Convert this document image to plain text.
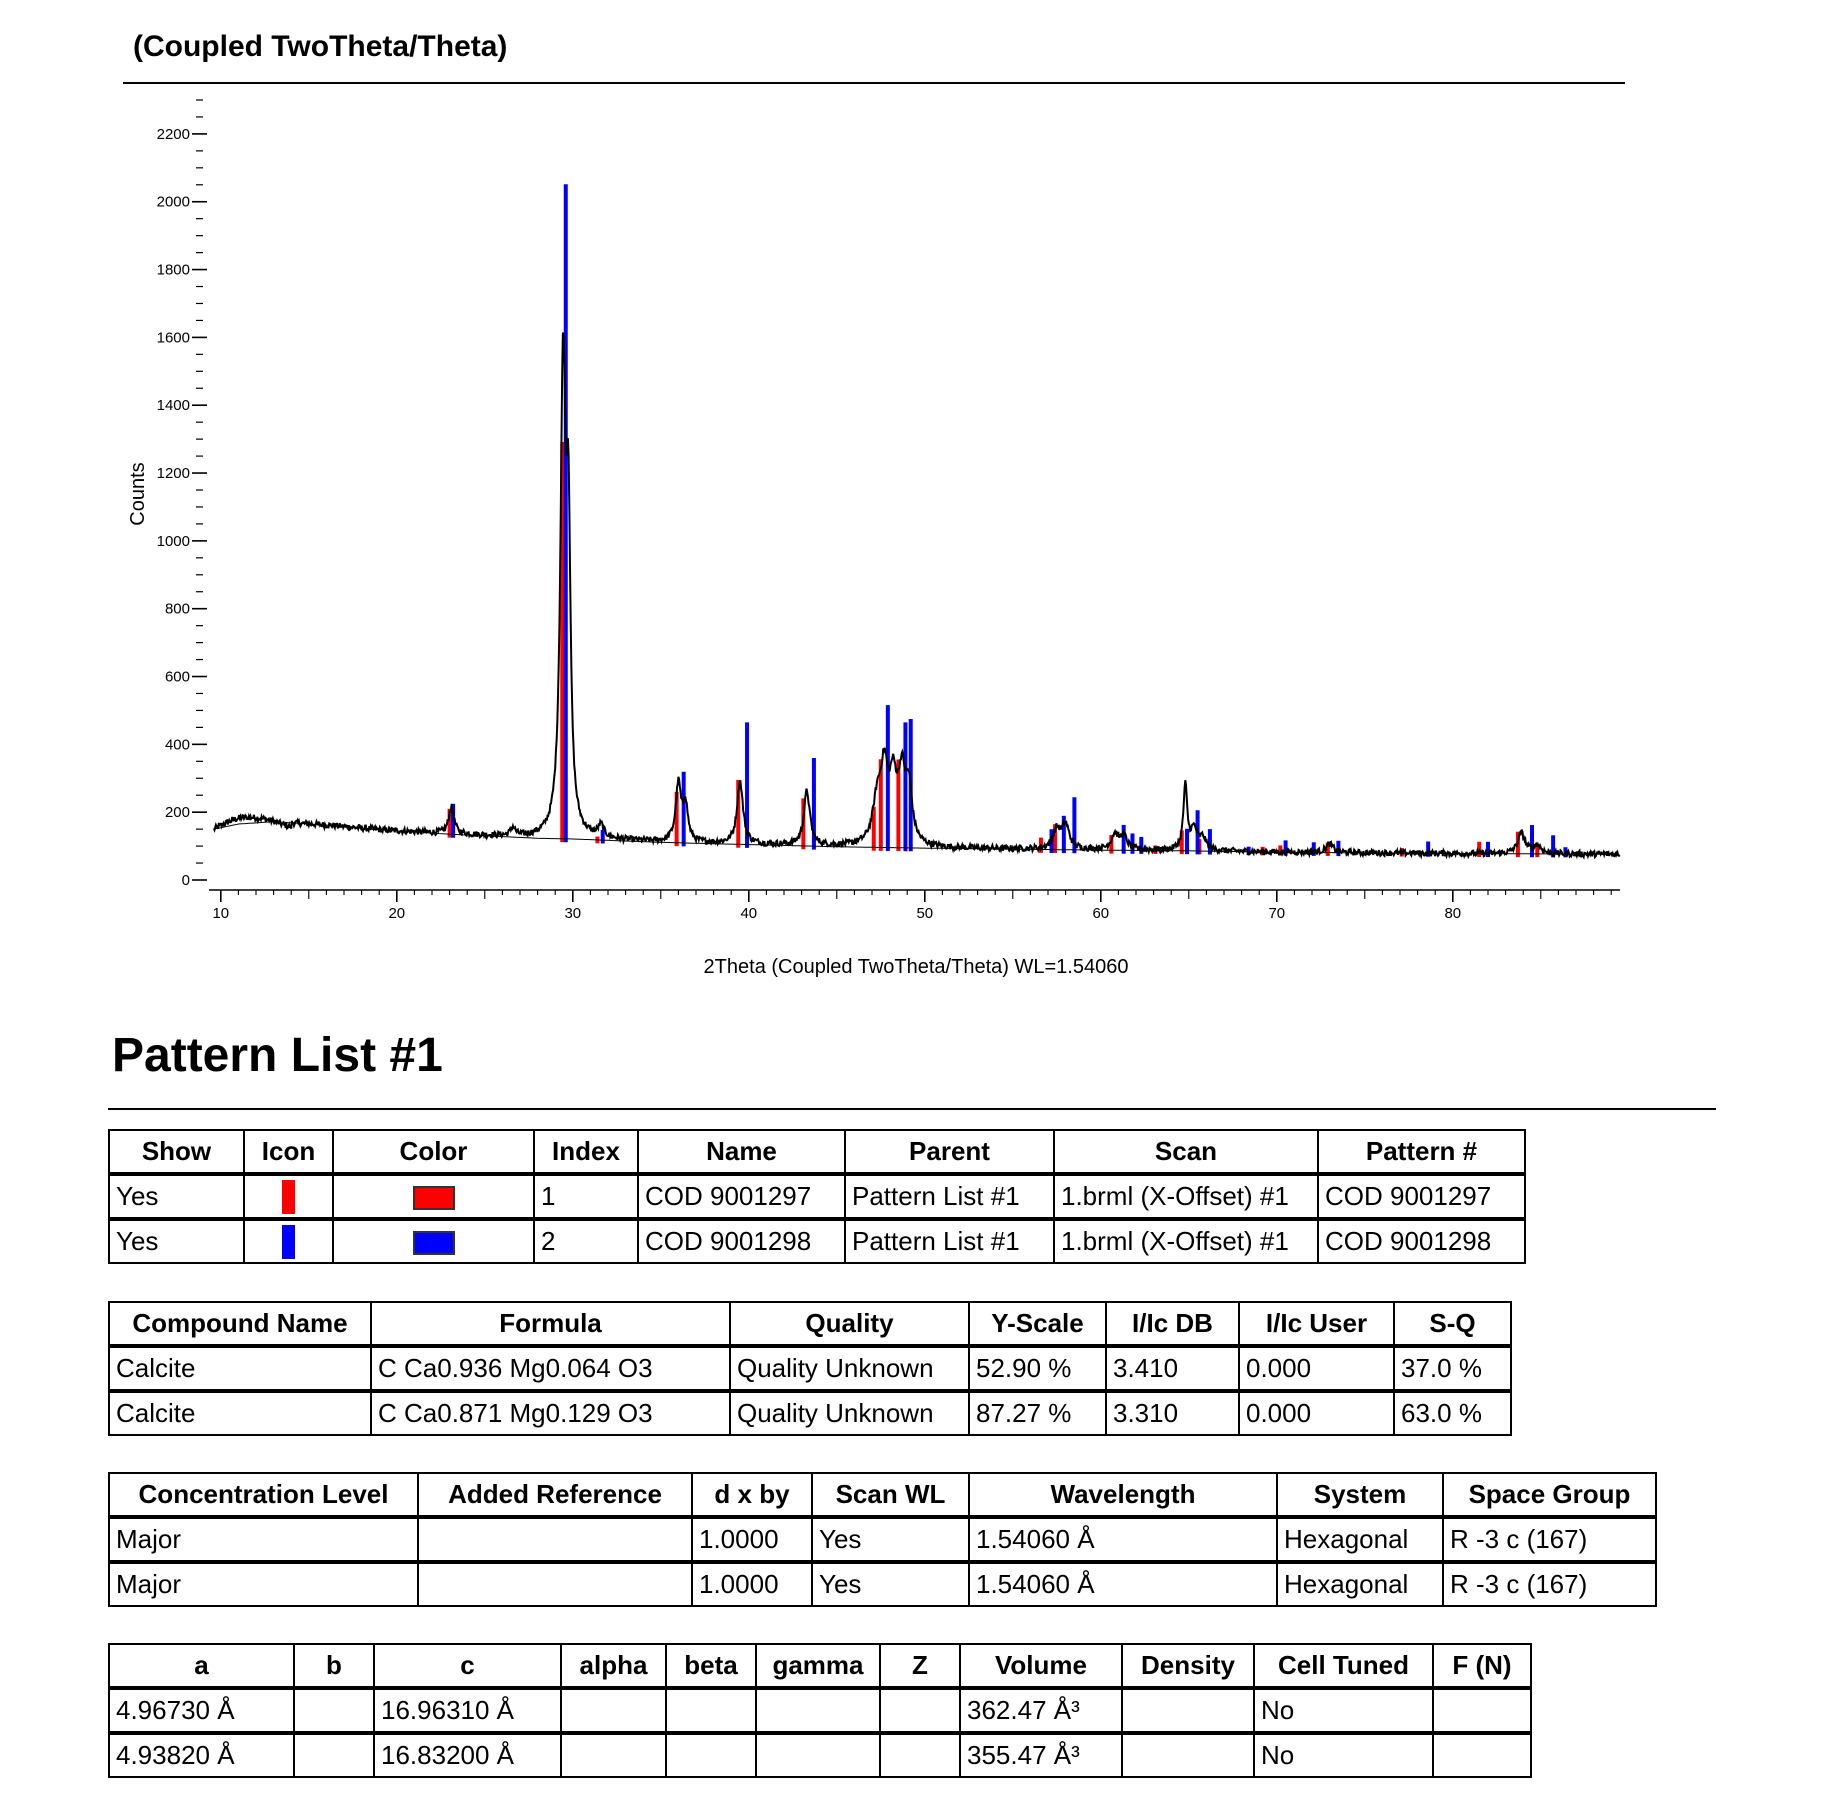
(Coupled TwoTheta/Theta)
0
200
400
600
800
1000
1200
1400
1600
1800
2000
2200
10	20	30	40	50	60	70	80
2Theta (Coupled TwoTheta/Theta) WL=1.54060
Counts
Pattern List #1
Show	Icon	Color	Index	Name	Parent	Scan	Pattern #
Yes			1	COD 9001297	Pattern List #1	1.brml (X-Offset) #1	COD 9001297
Yes			2	COD 9001298	Pattern List #1	1.brml (X-Offset) #1	COD 9001298
Compound Name	Formula	Quality	Y-Scale	I/Ic DB	I/Ic User	S-Q
Calcite	C Ca0.936 Mg0.064 O3	Quality Unknown	52.90 %	3.410	0.000	37.0 %
Calcite	C Ca0.871 Mg0.129 O3	Quality Unknown	87.27 %	3.310	0.000	63.0 %
Concentration Level	Added Reference	d x by	Scan WL	Wavelength	System	Space Group
Major		1.0000	Yes	1.54060 Å	Hexagonal	R -3 c (167)
Major		1.0000	Yes	1.54060 Å	Hexagonal	R -3 c (167)
a	b	c	alpha	beta	gamma	Z	Volume	Density	Cell Tuned	F (N)
4.96730 Å		16.96310 Å					362.47 Å³		No	
4.93820 Å		16.83200 Å					355.47 Å³		No	
